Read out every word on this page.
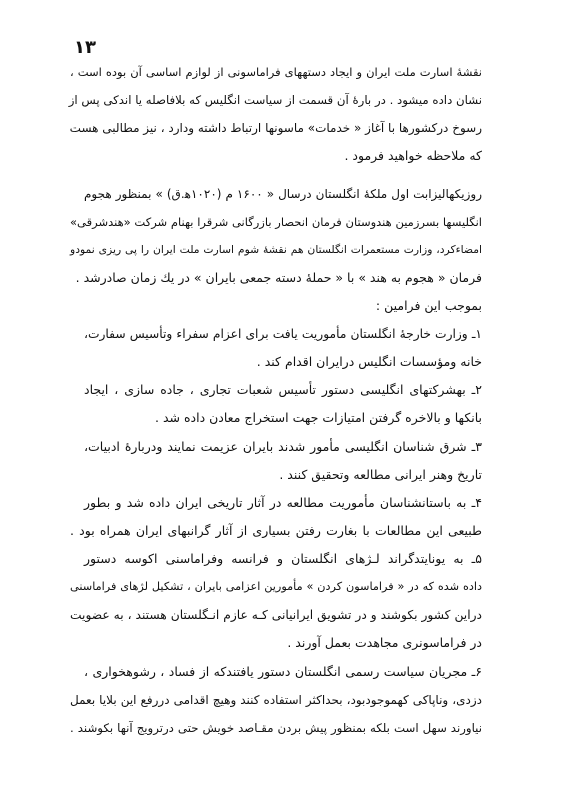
۱۳
نقشهٔ اسارت ملت ایران و ایجاد دستههای فراماسونی از لوازم اساسی آن بوده است ،
نشان داده میشود . در بارهٔ آن قسمت از سیاست انگلیس که بلافاصله یا اندکی پس از
رسوخ درکشورها با آغاز « خدمات» ماسونها ارتباط داشته ودارد ، نیز مطالبی هست
که ملاحظه خواهید فرمود .
روزیکهالیزابت اول ملکهٔ انگلستان درسال « ۱۶۰۰ م (۱۰۲۰ه‍.ق) » بمنظور هجوم
انگلیسها بسرزمین هندوستان فرمان انحصار بازرگانی شرقرا بهنام شرکت «هندشرقی»
امضاءکرد، وزارت مستعمرات انگلستان هم نقشهٔ شوم اسارت ملت ایران را پی ریزی نمودو
فرمان « هجوم به هند » با « حملهٔ دسته جمعی بایران » در یك زمان صادرشد .
بموجب این فرامین :
۱ـ وزارت خارجهٔ انگلستان مأموریت یافت برای اعزام سفراء وتأسیس سفارت،
خانه ومؤسسات انگلیس درایران اقدام کند .
۲ـ بهشرکتهای انگلیسی دستور تأسیس شعبات تجاری ، جاده سازی ، ایجاد
بانکها و بالاخره گرفتن امتیازات جهت استخراج معادن داده شد .
۳ـ شرق شناسان انگلیسی مأمور شدند بایران عزیمت نمایند ودربارهٔ ادبیات،
تاریخ وهنر ایرانی مطالعه وتحقیق کنند .
۴ـ به باستانشناسان مأموریت مطالعه در آثار تاریخی ایران داده شد و بطور
طبیعی این مطالعات با بغارت رفتن بسیاری از آثار گرانبهای ایران همراه بود .
۵ـ به یونایتدگراند لـژهای انگلستان و فرانسه وفراماسنی اکوسه دستور
داده شده که در « فراماسون کردن » مأمورین اعزامی بایران ، تشکیل لژهای فراماسنی
دراین کشور بکوشند و در تشویق ایرانیانی کـه عازم انـگلستان هستند ، به عضویت
در فراماسونری مجاهدت بعمل آورند .
۶ـ مجریان سیاست رسمی انگلستان دستور یافتندکه از فساد ، رشوهخواری ،
دزدی، وناپاکی کهموجودبود، بحداکثر استفاده کنند وهیچ اقدامی دررفع این بلایا بعمل
نیاورند سهل است بلکه بمنظور پیش بردن مقـاصد خویش حتی درترویج آنها بکوشند .
